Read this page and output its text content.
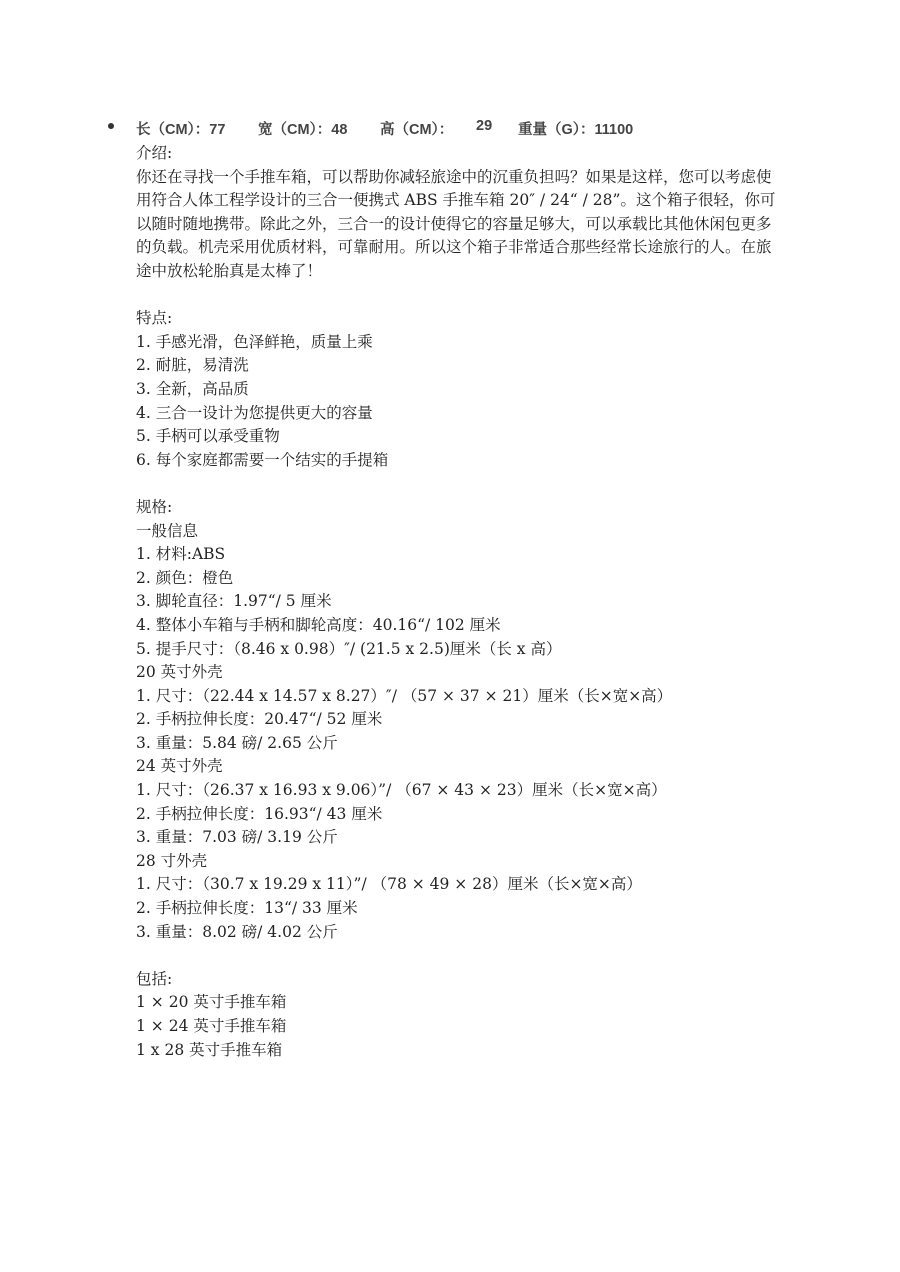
长（CM）：77 宽（CM）：48 高（CM）： 29 重量（G）：11100
介绍:
你还在寻找一个手推车箱，可以帮助你减轻旅途中的沉重负担吗？如果是这样，您可以考虑使用符合人体工程学设计的三合一便携式 ABS 手推车箱 20″ / 24“ / 28”。这个箱子很轻，你可以随时随地携带。除此之外，三合一的设计使得它的容量足够大，可以承载比其他休闲包更多的负载。机壳采用优质材料，可靠耐用。所以这个箱子非常适合那些经常长途旅行的人。在旅途中放松轮胎真是太棒了！
特点:
1. 手感光滑，色泽鲜艳，质量上乘
2. 耐脏，易清洗
3. 全新，高品质
4. 三合一设计为您提供更大的容量
5. 手柄可以承受重物
6. 每个家庭都需要一个结实的手提箱
规格:
一般信息
1. 材料:ABS
2. 颜色：橙色
3. 脚轮直径：1.97“/ 5 厘米
4. 整体小车箱与手柄和脚轮高度：40.16“/ 102 厘米
5. 提手尺寸：（8.46 x 0.98）″/ (21.5 x 2.5)厘米（长 x 高）
20 英寸外壳
1. 尺寸：（22.44 x 14.57 x 8.27）″/ （57 × 37 × 21）厘米（长×宽×高）
2. 手柄拉伸长度：20.47“/ 52 厘米
3. 重量：5.84 磅/ 2.65 公斤
24 英寸外壳
1. 尺寸：（26.37 x 16.93 x 9.06）”/ （67 × 43 × 23）厘米（长×宽×高）
2. 手柄拉伸长度：16.93“/ 43 厘米
3. 重量：7.03 磅/ 3.19 公斤
28 寸外壳
1. 尺寸：（30.7 x 19.29 x 11）”/ （78 × 49 × 28）厘米（长×宽×高）
2. 手柄拉伸长度：13“/ 33 厘米
3. 重量：8.02 磅/ 4.02 公斤
包括:
1 × 20 英寸手推车箱
1 × 24 英寸手推车箱
1 x 28 英寸手推车箱
